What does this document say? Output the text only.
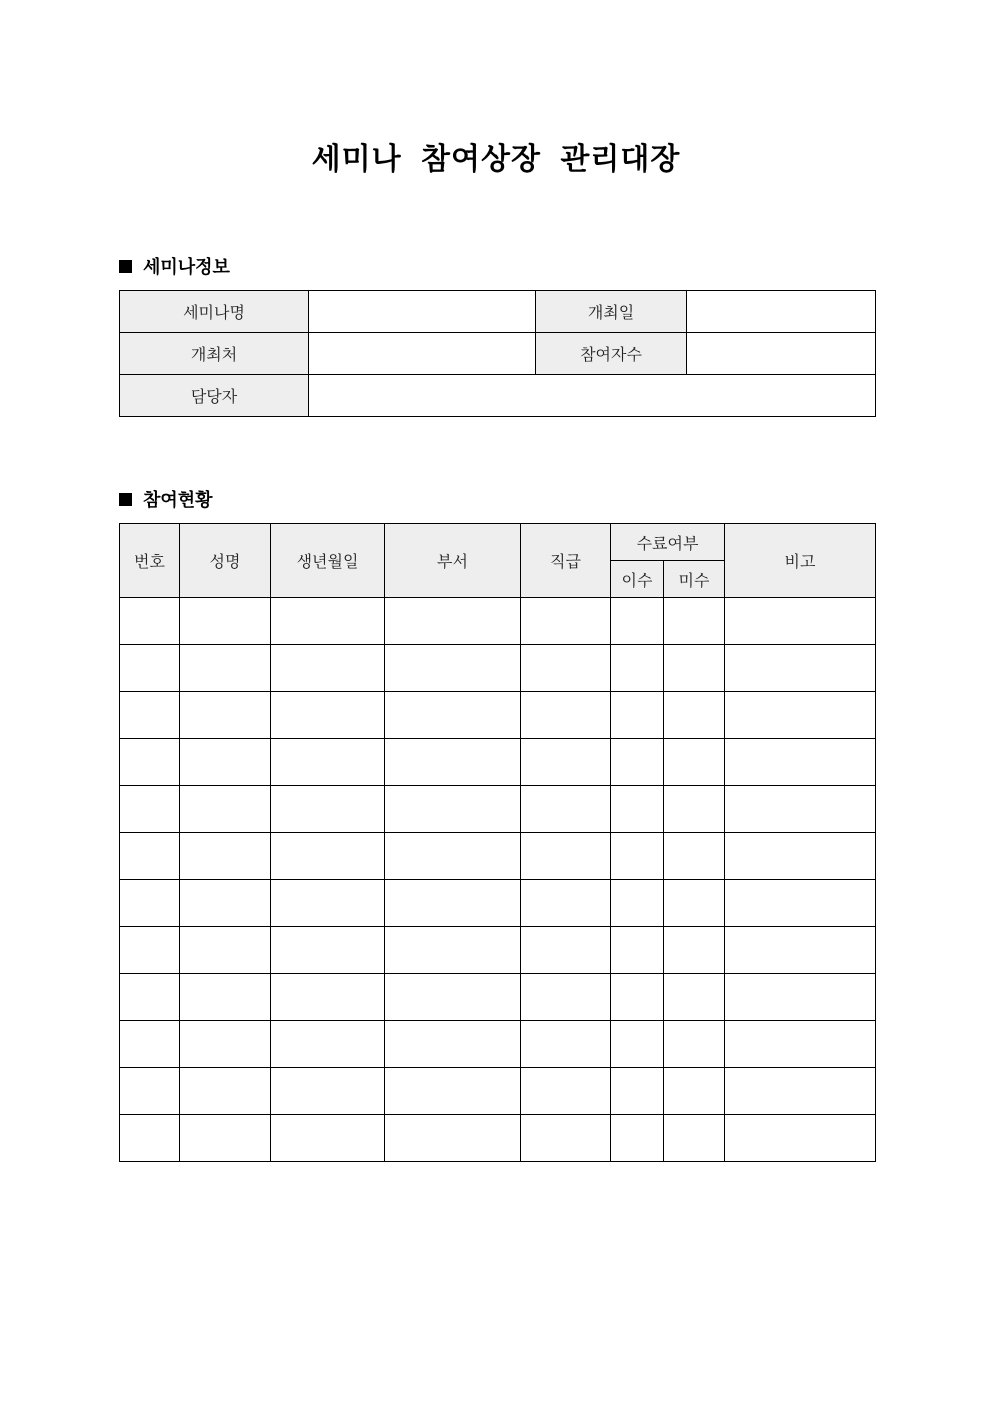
세미나 참여상장 관리대장
세미나정보
세미나명		개최일	
개최처		참여자수	
담당자			
참여현황
번호	성명	생년월일	부서	직급	수료여부		비고
					이수	미수	
